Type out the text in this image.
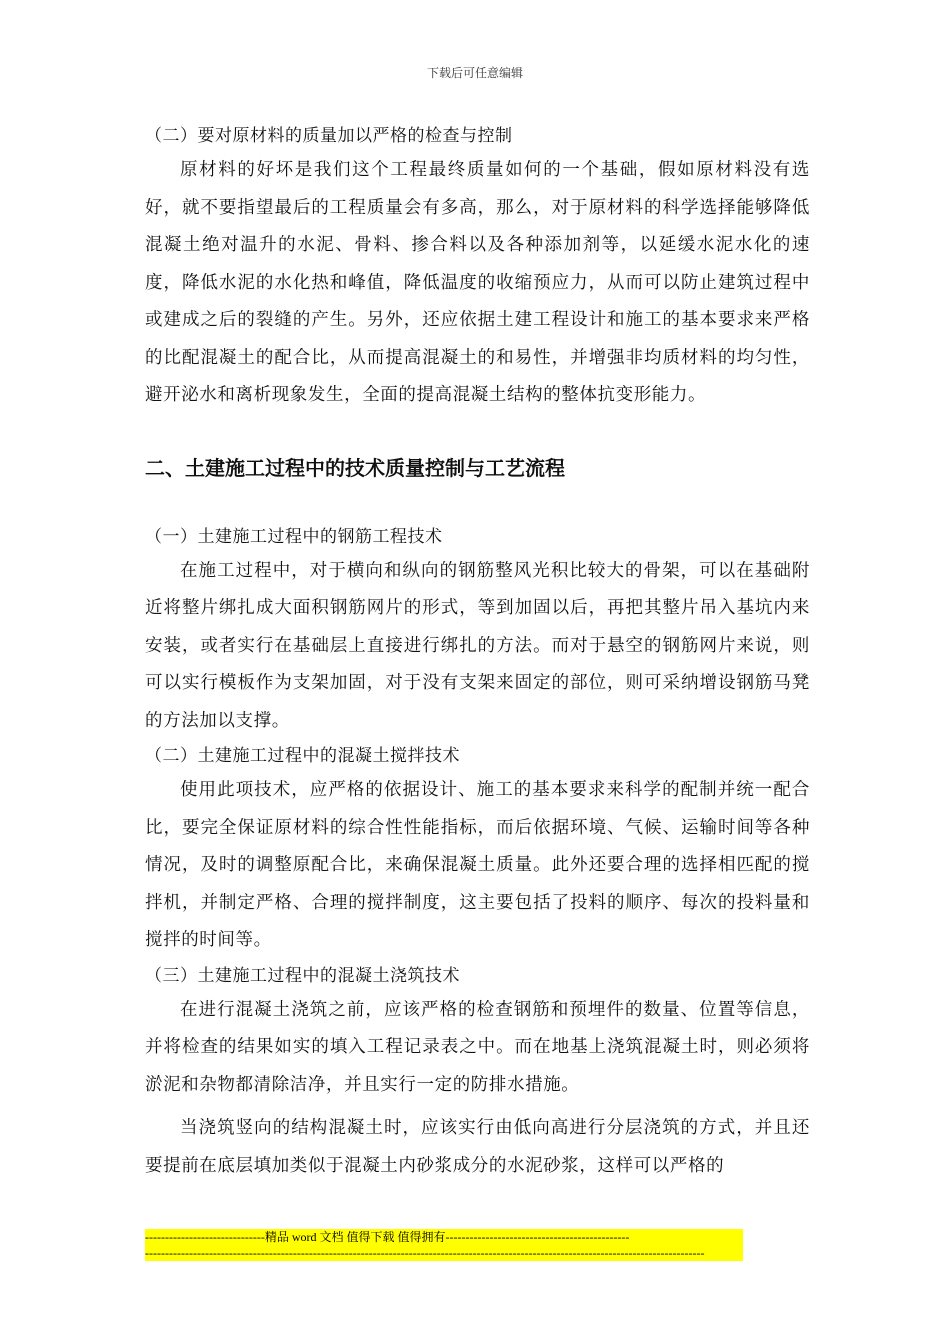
下载后可任意编辑

（二）要对原材料的质量加以严格的检查与控制

原材料的好坏是我们这个工程最终质量如何的一个基础，假如原材料没有选好，就不要指望最后的工程质量会有多高，那么，对于原材料的科学选择能够降低混凝土绝对温升的水泥、骨料、掺合料以及各种添加剂等，以延缓水泥水化的速度，降低水泥的水化热和峰值，降低温度的收缩预应力，从而可以防止建筑过程中或建成之后的裂缝的产生。另外，还应依据土建工程设计和施工的基本要求来严格的比配混凝土的配合比，从而提高混凝土的和易性，并增强非均质材料的均匀性，避开泌水和离析现象发生，全面的提高混凝土结构的整体抗变形能力。

二、土建施工过程中的技术质量控制与工艺流程

（一）土建施工过程中的钢筋工程技术

在施工过程中，对于横向和纵向的钢筋整风光积比较大的骨架，可以在基础附近将整片绑扎成大面积钢筋网片的形式，等到加固以后，再把其整片吊入基坑内来安装，或者实行在基础层上直接进行绑扎的方法。而对于悬空的钢筋网片来说，则可以实行模板作为支架加固，对于没有支架来固定的部位，则可采纳增设钢筋马凳的方法加以支撑。

（二）土建施工过程中的混凝土搅拌技术

使用此项技术，应严格的依据设计、施工的基本要求来科学的配制并统一配合比，要完全保证原材料的综合性性能指标，而后依据环境、气候、运输时间等各种情况，及时的调整原配合比，来确保混凝土质量。此外还要合理的选择相匹配的搅拌机，并制定严格、合理的搅拌制度，这主要包括了投料的顺序、每次的投料量和搅拌的时间等。

（三）土建施工过程中的混凝土浇筑技术

在进行混凝土浇筑之前，应该严格的检查钢筋和预埋件的数量、位置等信息，并将检查的结果如实的填入工程记录表之中。而在地基上浇筑混凝土时，则必须将淤泥和杂物都清除洁净，并且实行一定的防排水措施。

当浇筑竖向的结构混凝土时，应该实行由低向高进行分层浇筑的方式，并且还要提前在底层填加类似于混凝土内砂浆成分的水泥砂浆，这样可以严格的

------------------------------精品 word 文档 值得下载 值得拥有----------------------------------------------
--------------------------------------------------------------------------------------------------------------------------------------------
